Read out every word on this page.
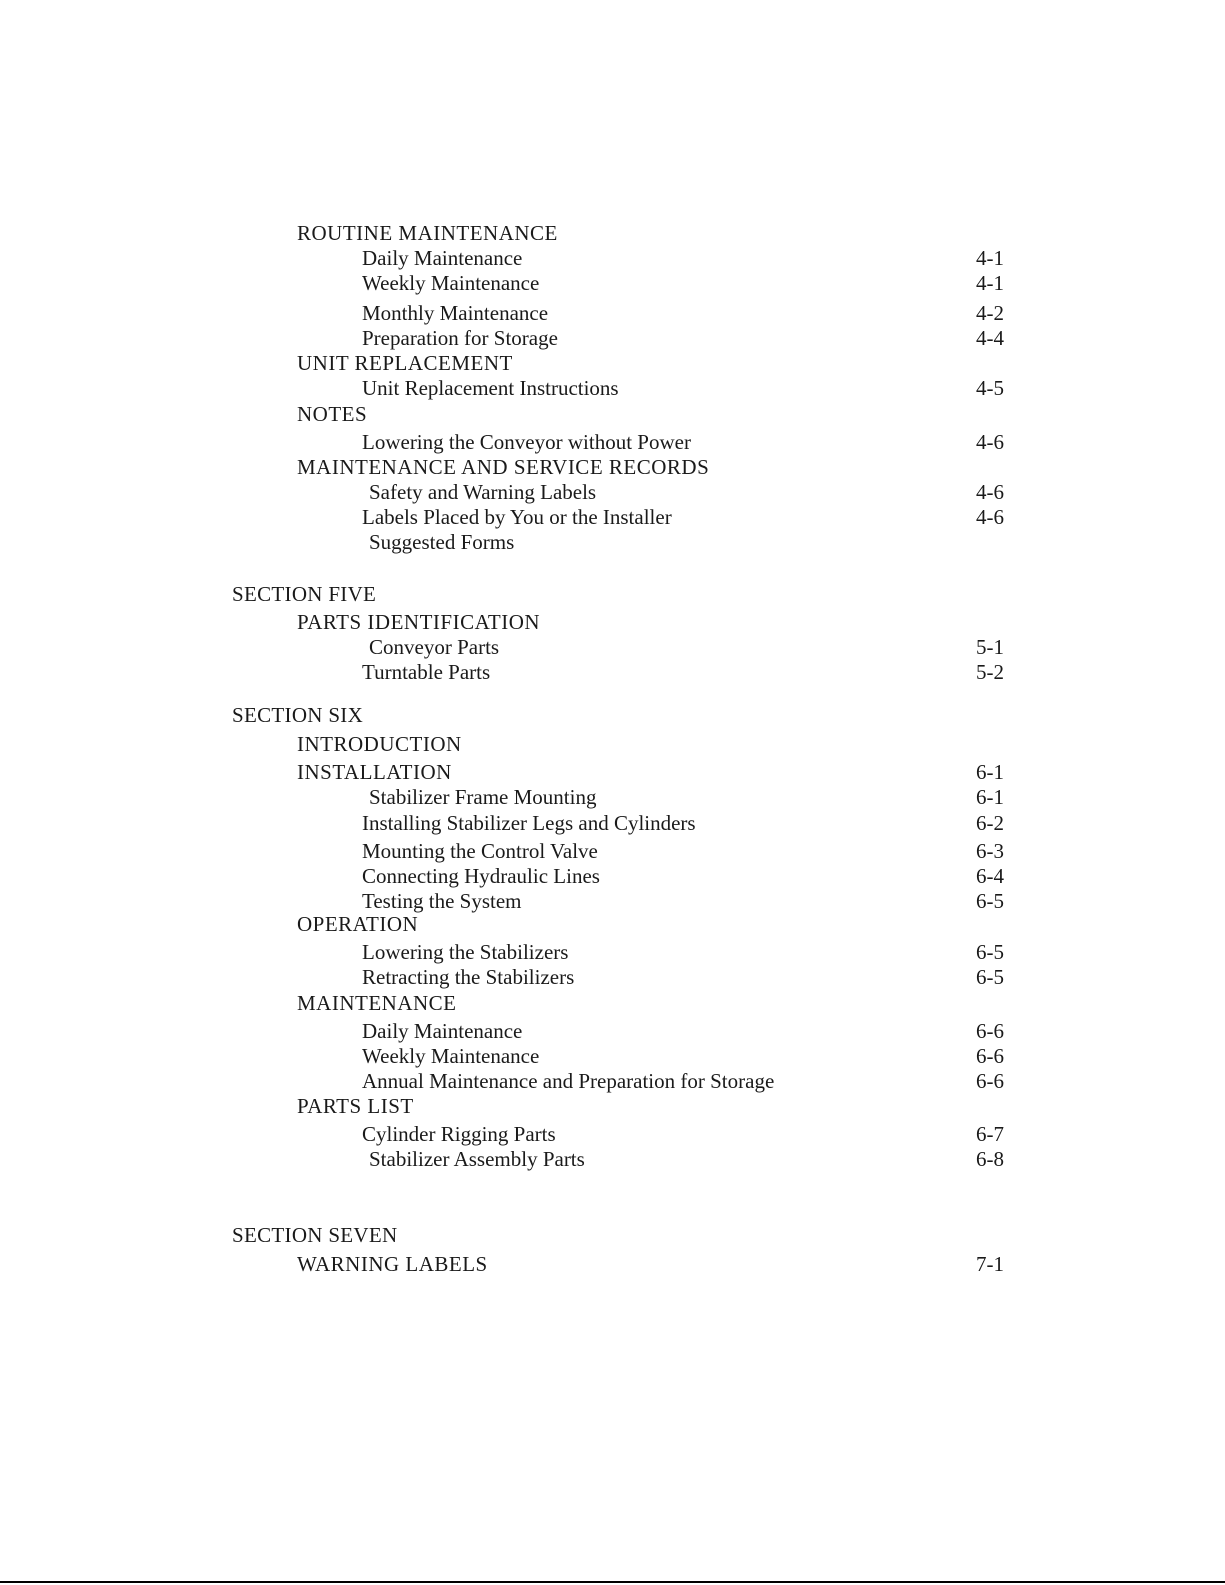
ROUTINE MAINTENANCE
Daily Maintenance	4-1
Weekly Maintenance	4-1
Monthly Maintenance	4-2
Preparation for Storage	4-4
UNIT REPLACEMENT
Unit Replacement Instructions	4-5
NOTES
Lowering the Conveyor without Power	4-6
MAINTENANCE AND SERVICE RECORDS
Safety and Warning Labels	4-6
Labels Placed by You or the Installer	4-6
Suggested Forms
SECTION FIVE
PARTS IDENTIFICATION
Conveyor Parts	5-1
Turntable Parts	5-2
SECTION SIX
INTRODUCTION
INSTALLATION	6-1
Stabilizer Frame Mounting	6-1
Installing Stabilizer Legs and Cylinders	6-2
Mounting the Control Valve	6-3
Connecting Hydraulic Lines	6-4
Testing the System	6-5
OPERATION
Lowering the Stabilizers	6-5
Retracting the Stabilizers	6-5
MAINTENANCE
Daily Maintenance	6-6
Weekly Maintenance	6-6
Annual Maintenance and Preparation for Storage	6-6
PARTS LIST
Cylinder Rigging Parts	6-7
Stabilizer Assembly Parts	6-8
SECTION SEVEN
WARNING LABELS	7-1
